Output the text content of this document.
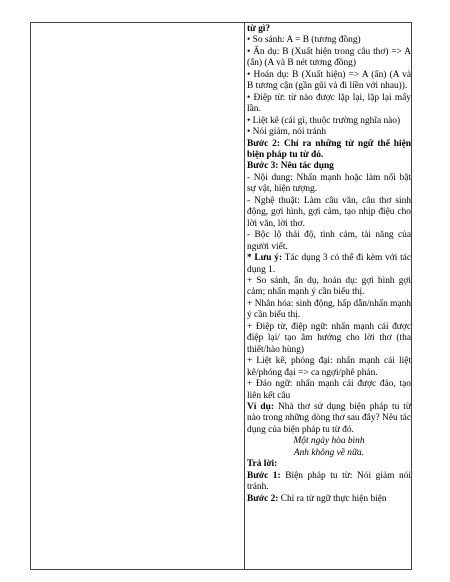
từ gì?

• So sánh: A = B (tương đồng)

• Ẩn dụ: B (Xuất hiện trong câu thơ) => A (ẩn) (A và B nét tương đồng)

• Hoán dụ: B (Xuất hiện) => A (ẩn) (A và B tương cận (gần gũi và đi liền với nhau)).

• Điệp từ: từ nào được lặp lại, lặp lại mấy lần.

• Liệt kê (cái gì, thuộc trường nghĩa nào)

• Nói giảm, nói tránh

Bước 2: Chỉ ra những từ ngữ thể hiện biện pháp tu từ đó.

Bước 3: Nêu tác dụng

- Nội dung: Nhấn mạnh hoặc làm nổi bật sự vật, hiện tượng.

- Nghệ thuật: Làm câu văn, câu thơ sinh động, gợi hình, gợi cảm, tạo nhịp điệu cho lời văn, lời thơ.

- Bộc lộ thái độ, tình cảm, tài năng của người viết.

* Lưu ý: Tác dụng 3 có thể đi kèm với tác dụng 1.

+ So sánh, ẩn dụ, hoán dụ: gợi hình gợi cảm; nhấn mạnh ý cần biểu thị.

+ Nhân hóa: sinh động, hấp dẫn/nhấn mạnh ý cần biểu thị.

+ Điệp từ, điệp ngữ: nhấn mạnh cái được điệp lại/ tạo âm hưởng cho lời thơ (tha thiết/hào hùng)

+ Liệt kê, phóng đại: nhấn mạnh cái liệt kê/phóng đại => ca ngợi/phê phán.

+ Đảo ngữ: nhấn mạnh cái được đảo, tạo liên kết câu

Ví dụ: Nhà thơ sử dụng biện pháp tu từ nào trong những dòng thơ sau đây? Nêu tác dụng của biện pháp tu từ đó.

Một ngày hòa bình

Anh không về nữa.

Trả lời:

Bước 1: Biện pháp tu từ: Nói giảm nói tránh.

Bước 2: Chỉ ra từ ngữ thực hiện biện
